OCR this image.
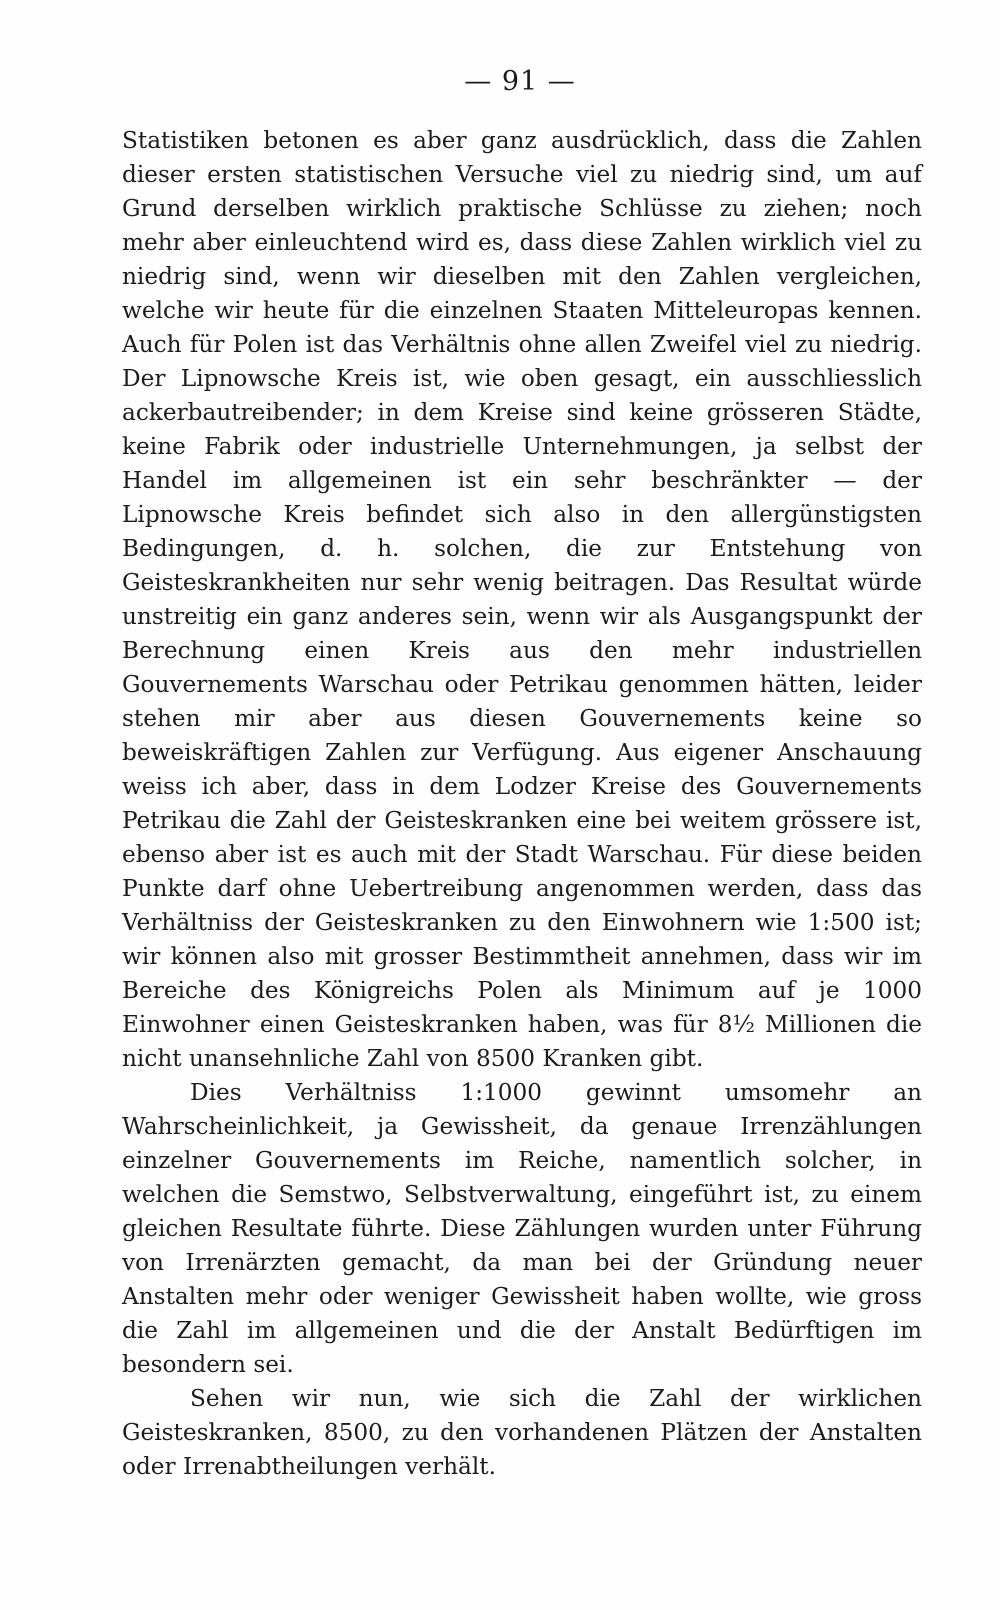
— 91 —

Statistiken betonen es aber ganz ausdrücklich, dass die Zahlen dieser ersten statistischen Versuche viel zu niedrig sind, um auf Grund derselben wirklich praktische Schlüsse zu ziehen; noch mehr aber einleuchtend wird es, dass diese Zahlen wirklich viel zu niedrig sind, wenn wir dieselben mit den Zahlen vergleichen, welche wir heute für die einzelnen Staaten Mitteleuropas kennen. Auch für Polen ist das Verhältnis ohne allen Zweifel viel zu niedrig. Der Lipnowsche Kreis ist, wie oben gesagt, ein ausschliesslich ackerbautreibender; in dem Kreise sind keine grösseren Städte, keine Fabrik oder industrielle Unternehmungen, ja selbst der Handel im allgemeinen ist ein sehr beschränkter — der Lipnowsche Kreis befindet sich also in den allergünstigsten Bedingungen, d. h. solchen, die zur Entstehung von Geisteskrankheiten nur sehr wenig beitragen. Das Resultat würde unstreitig ein ganz anderes sein, wenn wir als Ausgangspunkt der Berechnung einen Kreis aus den mehr industriellen Gouvernements Warschau oder Petrikau genommen hätten, leider stehen mir aber aus diesen Gouvernements keine so beweiskräftigen Zahlen zur Verfügung. Aus eigener Anschauung weiss ich aber, dass in dem Lodzer Kreise des Gouvernements Petrikau die Zahl der Geisteskranken eine bei weitem grössere ist, ebenso aber ist es auch mit der Stadt Warschau. Für diese beiden Punkte darf ohne Uebertreibung angenommen werden, dass das Verhältniss der Geisteskranken zu den Einwohnern wie 1:500 ist; wir können also mit grosser Bestimmtheit annehmen, dass wir im Bereiche des Königreichs Polen als Minimum auf je 1000 Einwohner einen Geisteskranken haben, was für 8½ Millionen die nicht unansehnliche Zahl von 8500 Kranken gibt.

Dies Verhältniss 1:1000 gewinnt umsomehr an Wahrscheinlichkeit, ja Gewissheit, da genaue Irrenzählungen einzelner Gouvernements im Reiche, namentlich solcher, in welchen die Semstwo, Selbstverwaltung, eingeführt ist, zu einem gleichen Resultate führte. Diese Zählungen wurden unter Führung von Irrenärzten gemacht, da man bei der Gründung neuer Anstalten mehr oder weniger Gewissheit haben wollte, wie gross die Zahl im allgemeinen und die der Anstalt Bedürftigen im besondern sei.

Sehen wir nun, wie sich die Zahl der wirklichen Geisteskranken, 8500, zu den vorhandenen Plätzen der Anstalten oder Irrenabtheilungen verhält.
